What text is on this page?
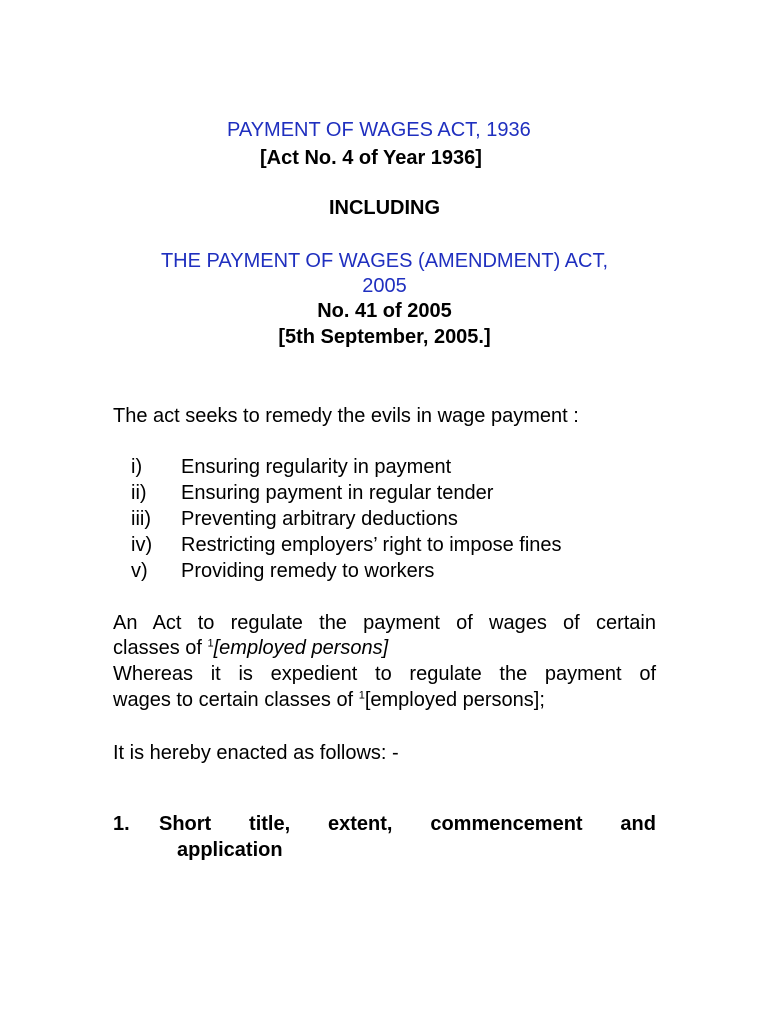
PAYMENT OF WAGES ACT, 1936
[Act No. 4 of Year 1936]
INCLUDING
THE PAYMENT OF WAGES (AMENDMENT) ACT,
2005
No. 41 of 2005
[5th September, 2005.]
The act seeks to remedy the evils in wage payment :
i)	Ensuring regularity in payment
ii)	Ensuring payment in regular tender
iii)	Preventing arbitrary deductions
iv)	Restricting employers’ right to impose fines
v)	Providing remedy to workers
An Act to regulate the payment of wages of certain
classes of $^1$[employed persons]
Whereas it is expedient to regulate the payment of
wages to certain classes of $^1$[employed persons];
It is hereby enacted as follows: -
1. Short title, extent, commencement and
application
